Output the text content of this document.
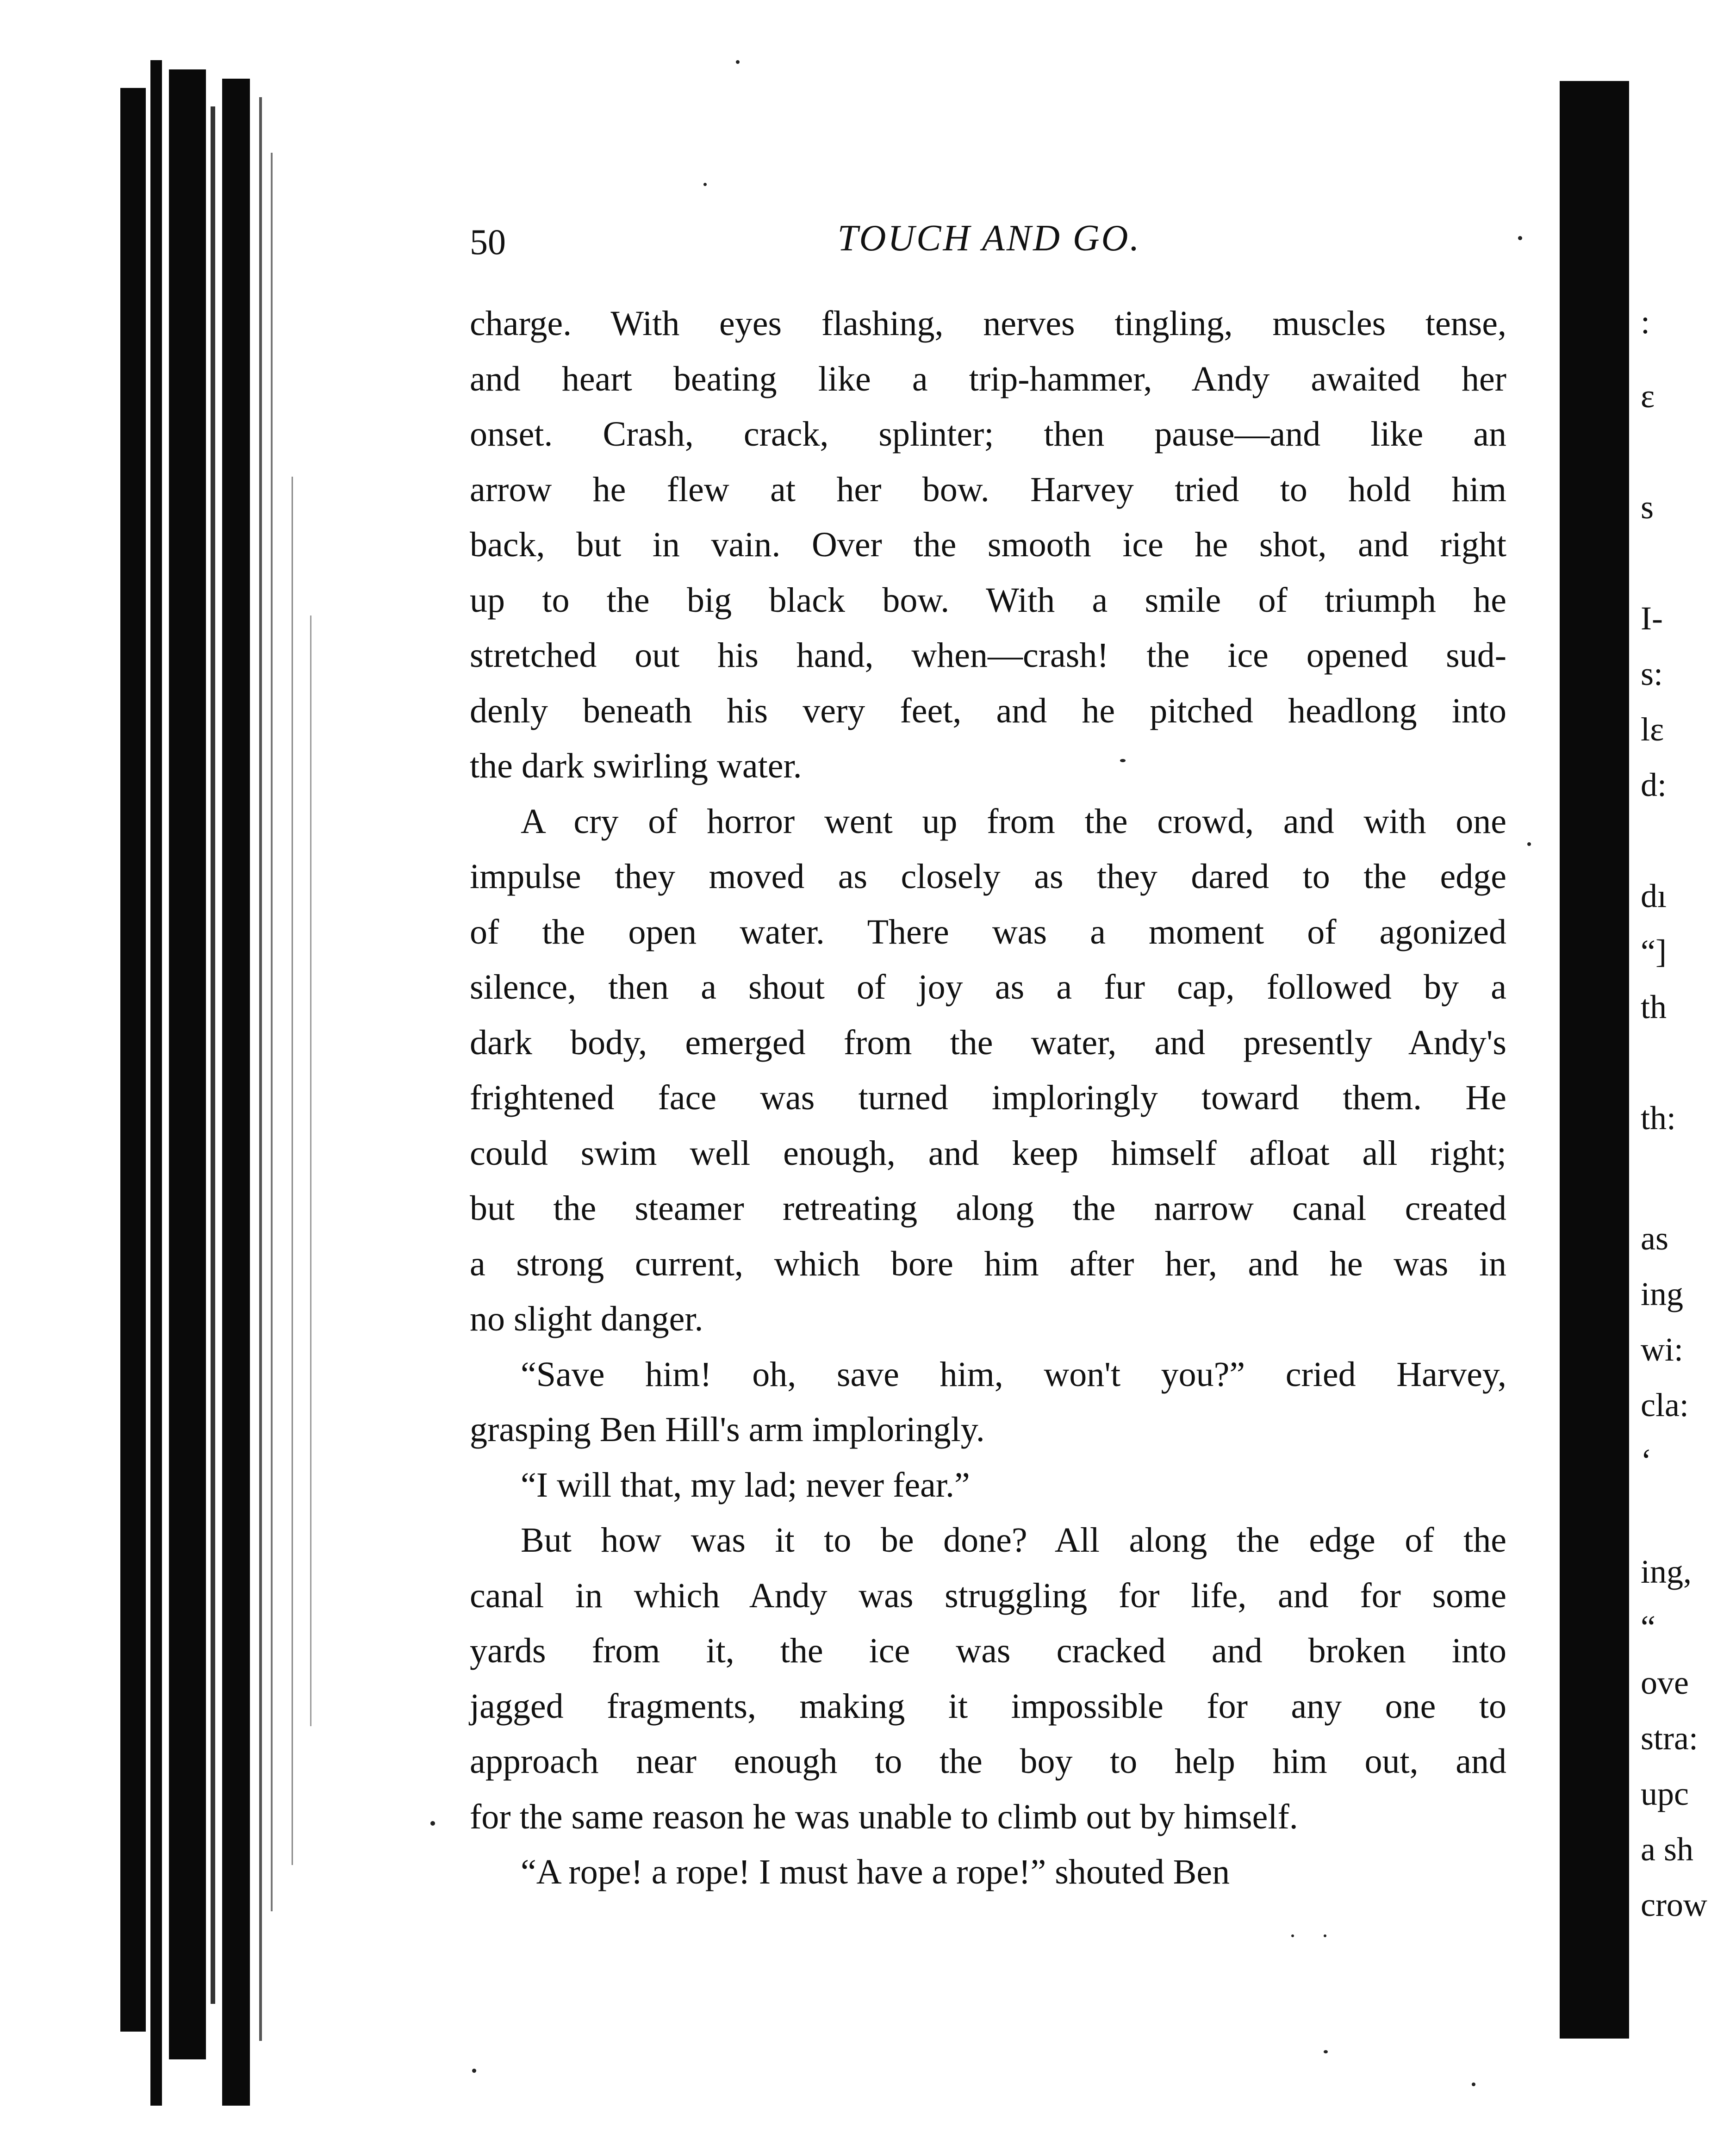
50	TOUCH AND GO.
charge. With eyes flashing, nerves tingling, muscles tense,
and heart beating like a trip-hammer, Andy awaited her
onset. Crash, crack, splinter; then pause—and like an
arrow he flew at her bow. Harvey tried to hold him
back, but in vain. Over the smooth ice he shot, and right
up to the big black bow. With a smile of triumph he
stretched out his hand, when—crash! the ice opened sud-
denly beneath his very feet, and he pitched headlong into
the dark swirling water.
A cry of horror went up from the crowd, and with one
impulse they moved as closely as they dared to the edge
of the open water. There was a moment of agonized
silence, then a shout of joy as a fur cap, followed by a
dark body, emerged from the water, and presently Andy's
frightened face was turned imploringly toward them. He
could swim well enough, and keep himself afloat all right;
but the steamer retreating along the narrow canal created
a strong current, which bore him after her, and he was in
no slight danger.
“Save him! oh, save him, won't you?” cried Harvey,
grasping Ben Hill's arm imploringly.
“I will that, my lad; never fear.”
But how was it to be done? All along the edge of the
canal in which Andy was struggling for life, and for some
yards from it, the ice was cracked and broken into
jagged fragments, making it impossible for any one to
approach near enough to the boy to help him out, and
for the same reason he was unable to climb out by himself.
“A rope! a rope! I must have a rope!” shouted Ben
:
ε
s
I-
s:
lε
d:
dı
“]
th
th:
as
ing
wi:
cla:
‘
ing,
“
ove
stra:
upc
a sh
crow
